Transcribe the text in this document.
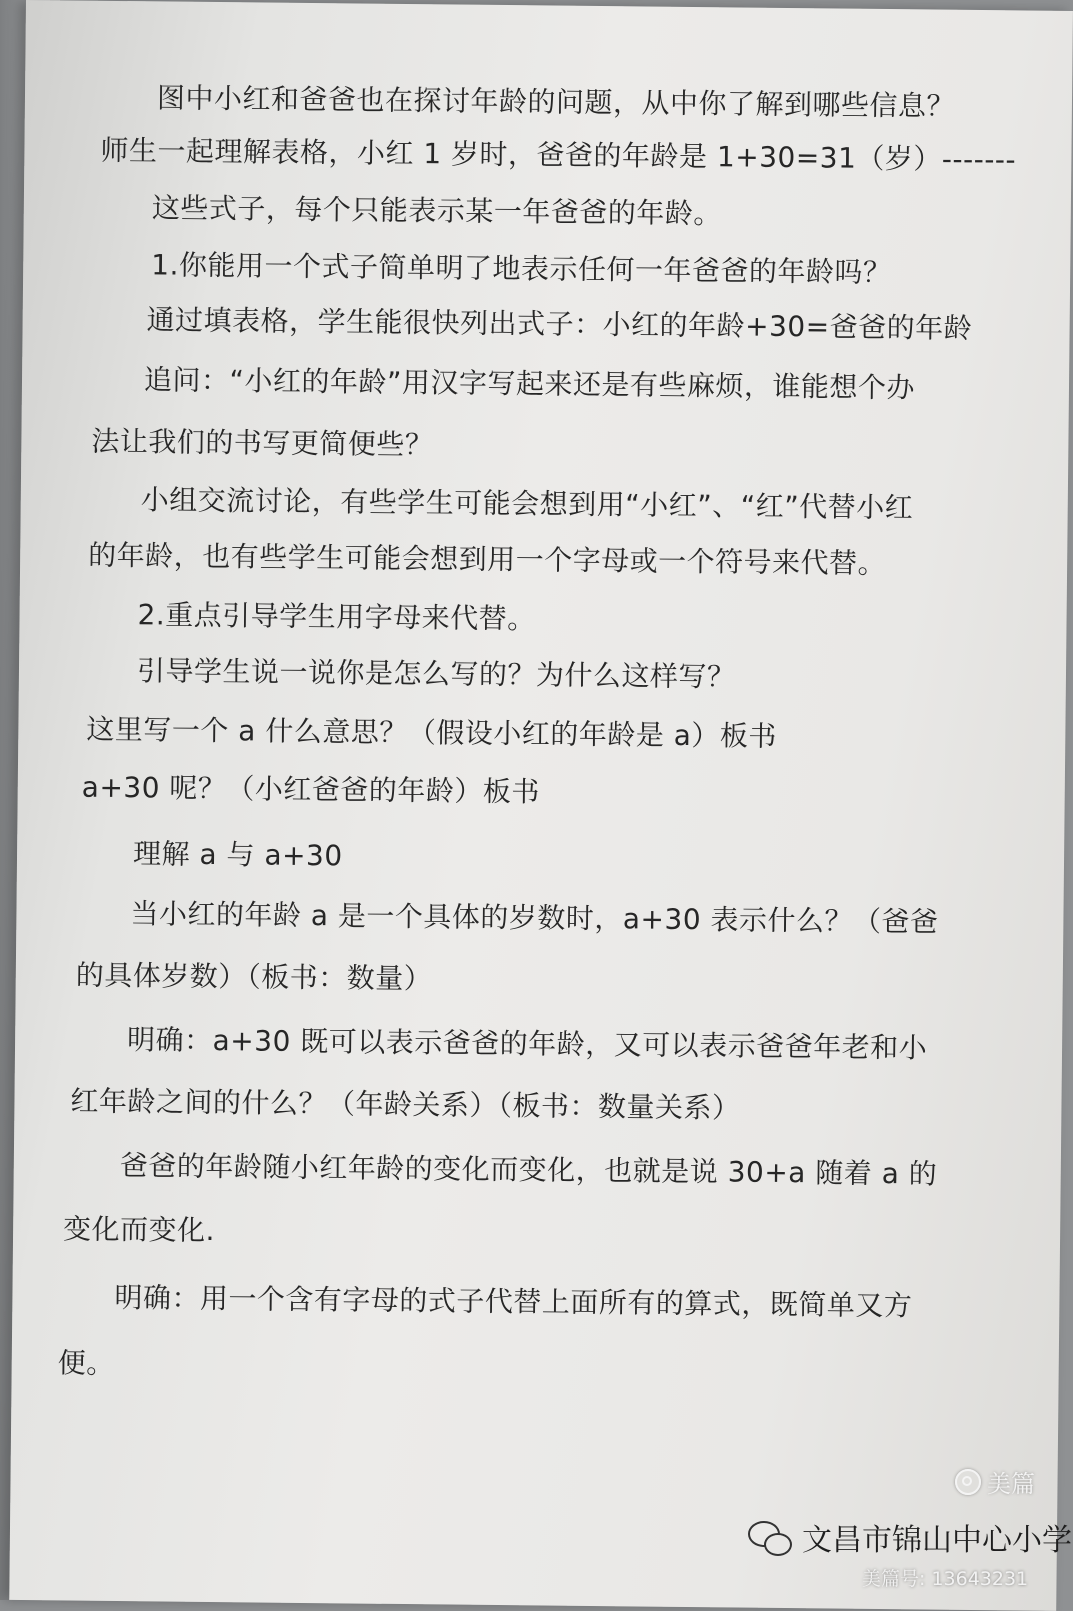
图中小红和爸爸也在探讨年龄的问题，从中你了解到哪些信息？
师生一起理解表格，小红 1 岁时，爸爸的年龄是 1+30=31（岁）-------
这些式子，每个只能表示某一年爸爸的年龄。
1.你能用一个式子简单明了地表示任何一年爸爸的年龄吗？
通过填表格，学生能很快列出式子：小红的年龄+30=爸爸的年龄
追问：“小红的年龄”用汉字写起来还是有些麻烦，谁能想个办
法让我们的书写更简便些？
小组交流讨论，有些学生可能会想到用“小红”、“红”代替小红
的年龄，也有些学生可能会想到用一个字母或一个符号来代替。
2.重点引导学生用字母来代替。
引导学生说一说你是怎么写的？为什么这样写？
这里写一个 a 什么意思？（假设小红的年龄是 a）板书
a+30 呢？（小红爸爸的年龄）板书
理解 a 与 a+30
当小红的年龄 a 是一个具体的岁数时，a+30 表示什么？（爸爸
的具体岁数）（板书：数量）
明确：a+30 既可以表示爸爸的年龄，又可以表示爸爸年老和小
红年龄之间的什么？（年龄关系）（板书：数量关系）
爸爸的年龄随小红年龄的变化而变化，也就是说 30+a 随着 a 的
变化而变化.
明确：用一个含有字母的式子代替上面所有的算式，既简单又方
便。
美篇
文昌市锦山中心小学
美篇号: 13643231
